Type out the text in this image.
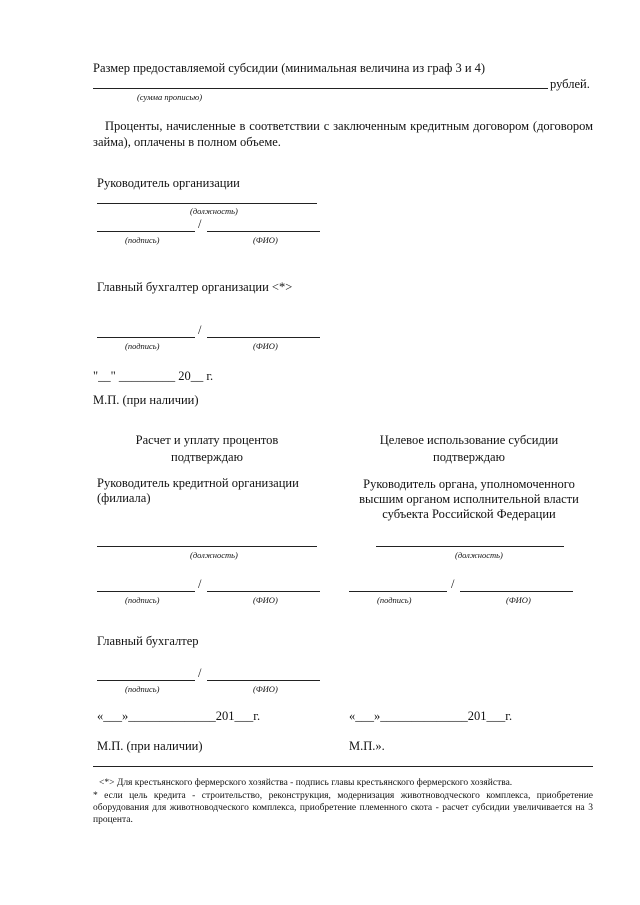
Размер предоставляемой субсидии (минимальная величина из граф 3 и 4)
рублей.
(сумма прописью)
Проценты, начисленные в соответствии с заключенным кредитным договором (договором займа), оплачены в полном объеме.
Руководитель организации
(должность)
/
(подпись)	(ФИО)
Главный бухгалтер организации <*>
/
(подпись)	(ФИО)
"__" _________ 20__ г.
М.П. (при наличии)
Расчет и уплату процентов
подтверждаю
Руководитель кредитной организации
(филиала)
(должность)
/
(подпись)	(ФИО)
Главный бухгалтер
/
(подпись)	(ФИО)
«___»______________201___г.
М.П. (при наличии)
Целевое использование субсидии
подтверждаю
Руководитель органа, уполномоченного
высшим органом исполнительной власти
субъекта Российской Федерации
(должность)
/
(подпись)	(ФИО)
«___»______________201___г.
М.П.».
<*> Для крестьянского фермерского хозяйства - подпись главы крестьянского фермерского хозяйства.
* если цель кредита - строительство, реконструкция, модернизация животноводческого комплекса, приобретение оборудования для животноводческого комплекса, приобретение племенного скота - расчет субсидии увеличивается на 3 процента.
